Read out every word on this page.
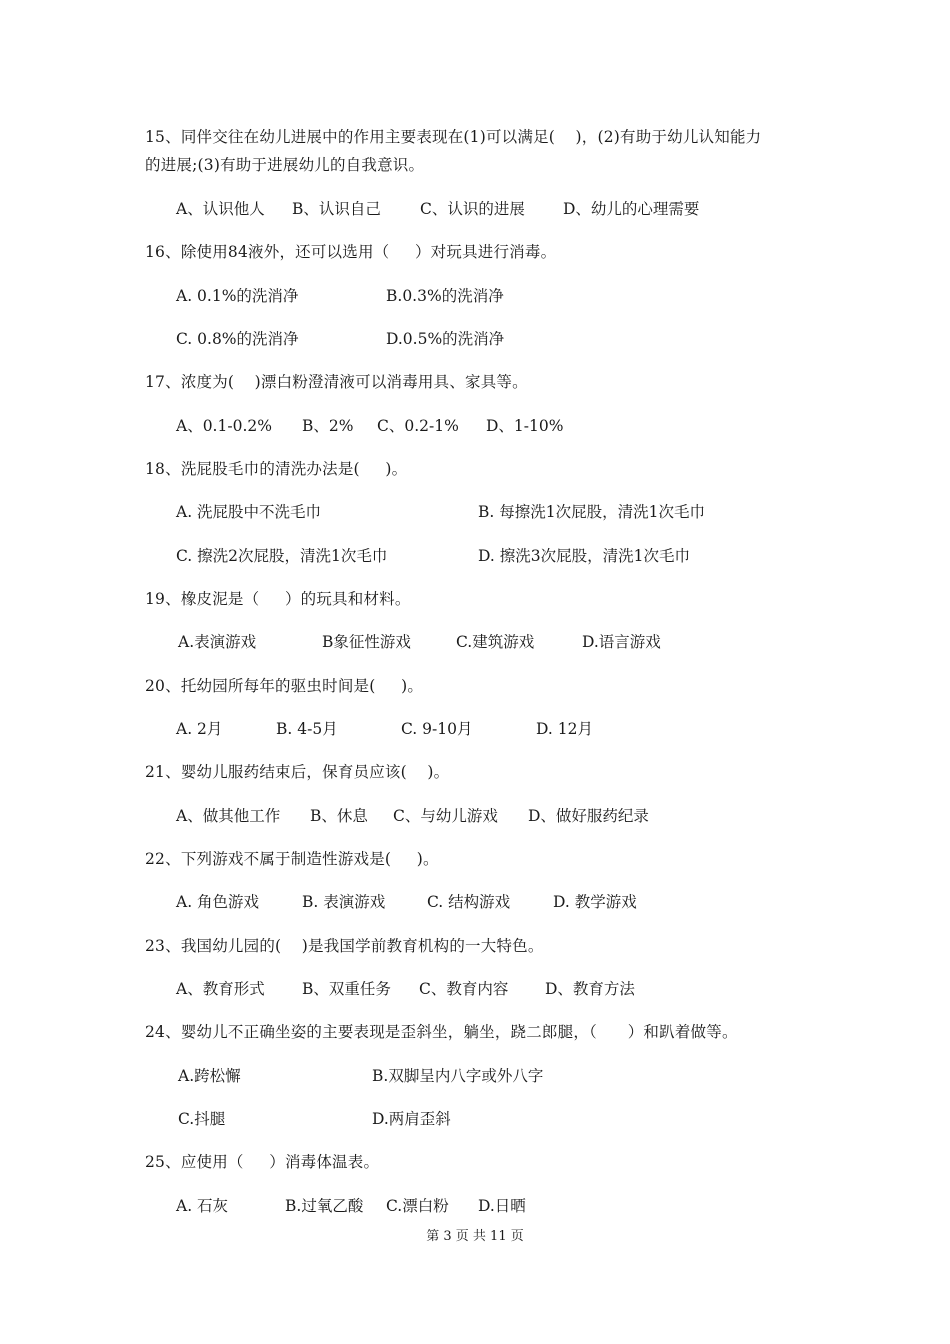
15、同伴交往在幼儿进展中的作用主要表现在(1)可以满足(    )，(2)有助于幼儿认知能力
的进展;(3)有助于进展幼儿的自我意识。
A、认识他人 B、认识自己	C、认识的进展 D、幼儿的心理需要
16、除使用84液外，还可以选用（     ）对玩具进行消毒。
A. 0.1%的洗消净	B.0.3%的洗消净
C. 0.8%的洗消净	D.0.5%的洗消净
17、浓度为(    )漂白粉澄清液可以消毒用具、家具等。
A、0.1-0.2% B、2% C、0.2-1% D、1-10%
18、洗屁股毛巾的清洗办法是(     )。
A. 洗屁股中不洗毛巾	B. 每擦洗1次屁股，清洗1次毛巾
C. 擦洗2次屁股，清洗1次毛巾	D. 擦洗3次屁股，清洗1次毛巾
19、橡皮泥是（     ）的玩具和材料。
A.表演游戏	B象征性游戏	C.建筑游戏	D.语言游戏
20、托幼园所每年的驱虫时间是(     )。
A. 2月	B. 4-5月	C. 9-10月	D. 12月
21、婴幼儿服药结束后，保育员应该(    )。
A、做其他工作 B、休息 C、与幼儿游戏 D、做好服药纪录
22、下列游戏不属于制造性游戏是(     )。
A. 角色游戏	B. 表演游戏	C. 结构游戏	D. 教学游戏
23、我国幼儿园的(    )是我国学前教育机构的一大特色。
A、教育形式 B、双重任务 C、教育内容 D、教育方法
24、婴幼儿不正确坐姿的主要表现是歪斜坐，躺坐，跷二郎腿，（      ）和趴着做等。
A.跨松懈	B.双脚呈内八字或外八字
C.抖腿	D.两肩歪斜
25、应使用（     ）消毒体温表。
A. 石灰	B.过氧乙酸 C.漂白粉 D.日晒
第 3 页 共 11 页
